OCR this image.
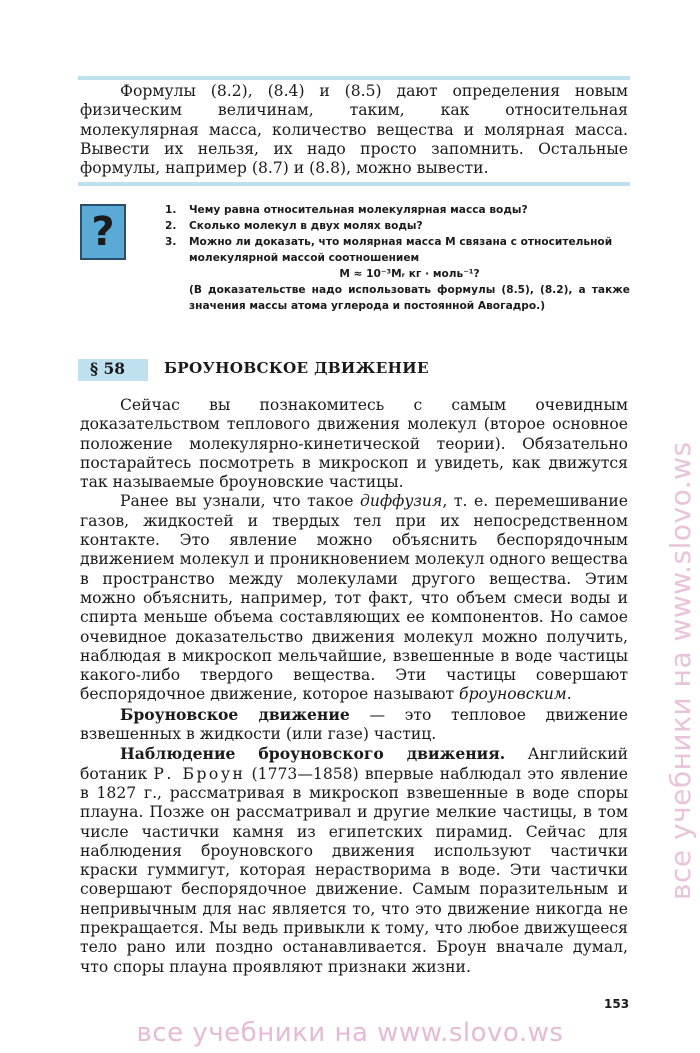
Формулы (8.2), (8.4) и (8.5) дают определения новым физическим величинам, таким, как относительная молекулярная масса, количество вещества и молярная масса. Вывести их нельзя, их надо просто запомнить. Остальные формулы, например (8.7) и (8.8), можно вывести.

?	1. Чему равна относительная молекулярная масса воды?
2. Сколько молекул в двух молях воды?
3. Можно ли доказать, что молярная масса M связана с относительной молекулярной массой соотношением
M ≈ 10⁻³Mᵣ кг · моль⁻¹?
(В доказательстве надо использовать формулы (8.5), (8.2), а также значения массы атома углерода и постоянной Авогадро.)
§ 58	БРОУНОВСКОЕ ДВИЖЕНИЕ

Сейчас вы познакомитесь с самым очевидным доказательством теплового движения молекул (второе основное положение молекулярно-кинетической теории). Обязательно постарайтесь посмотреть в микроскоп и увидеть, как движутся так называемые броуновские частицы.

Ранее вы узнали, что такое диффузия, т. е. перемешивание газов, жидкостей и твердых тел при их непосредственном контакте. Это явление можно объяснить беспорядочным движением молекул и проникновением молекул одного вещества в пространство между молекулами другого вещества. Этим можно объяснить, например, тот факт, что объем смеси воды и спирта меньше объема составляющих ее компонентов. Но самое очевидное доказательство движения молекул можно получить, наблюдая в микроскоп мельчайшие, взвешенные в воде частицы какого-либо твердого вещества. Эти частицы совершают беспорядочное движение, которое называют броуновским.

Броуновское движение — это тепловое движение взвешенных в жидкости (или газе) частиц.

Наблюдение броуновского движения. Английский ботаник Р. Броун (1773—1858) впервые наблюдал это явление в 1827 г., рассматривая в микроскоп взвешенные в воде споры плауна. Позже он рассматривал и другие мелкие частицы, в том числе частички камня из египетских пирамид. Сейчас для наблюдения броуновского движения используют частички краски гуммигут, которая нерастворима в воде. Эти частички совершают беспорядочное движение. Самым поразительным и непривычным для нас является то, что это движение никогда не прекращается. Мы ведь привыкли к тому, что любое движущееся тело рано или поздно останавливается. Броун вначале думал, что споры плауна проявляют признаки жизни.

153
все учебники на www.slovo.ws
все учебники на www.slovo.ws
